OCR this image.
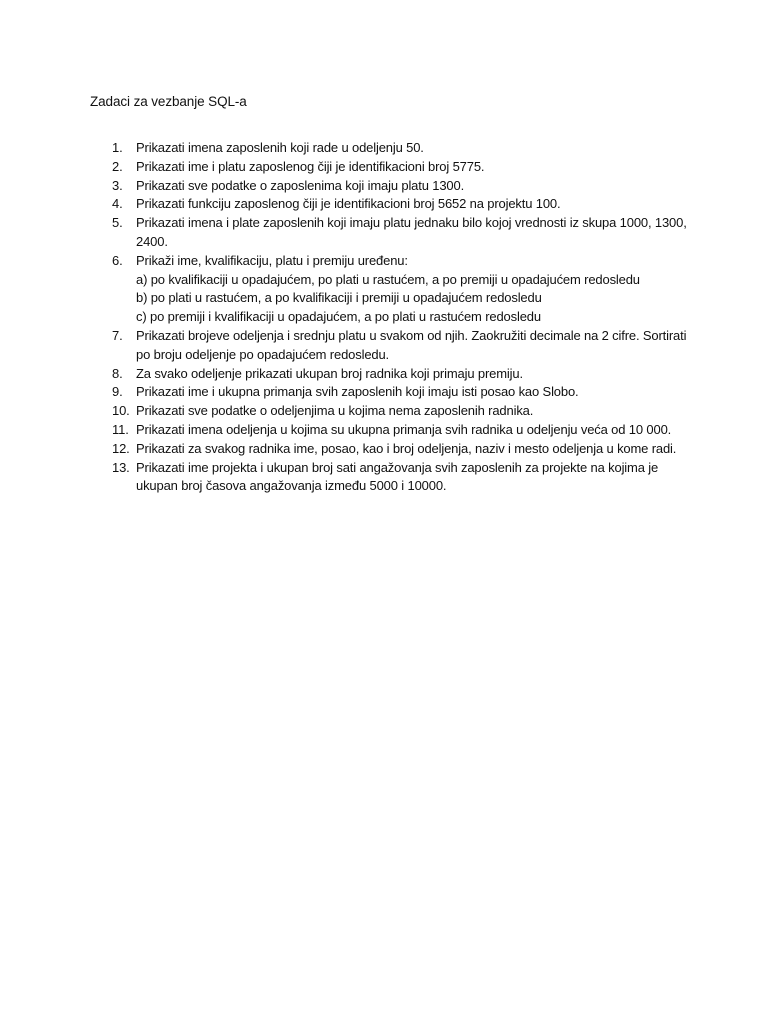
Zadaci za vezbanje SQL-a
1.	Prikazati imena zaposlenih koji rade u odeljenju 50.
2.	Prikazati ime i platu zaposlenog čiji je identifikacioni broj 5775.
3.	Prikazati sve podatke o zaposlenima koji imaju platu 1300.
4.	Prikazati funkciju zaposlenog čiji je identifikacioni broj 5652 na projektu 100.
5.	Prikazati imena i plate zaposlenih koji imaju platu jednaku bilo kojoj vrednosti iz skupa 1000, 1300, 2400.
6.	Prikaži ime, kvalifikaciju, platu i premiju uređenu:
a) po kvalifikaciji u opadajućem, po plati u rastućem, a po premiji u opadajućem redosledu
b) po plati u rastućem, a po kvalifikaciji i premiji u opadajućem redosledu
c) po premiji i kvalifikaciji u opadajućem, a po plati u rastućem redosledu
7.	Prikazati brojeve odeljenja i srednju platu u svakom od njih. Zaokružiti decimale na 2 cifre. Sortirati po broju odeljenje po opadajućem redosledu.
8.	Za svako odeljenje prikazati ukupan broj radnika koji primaju premiju.
9.	Prikazati ime i ukupna primanja svih zaposlenih koji imaju isti posao kao Slobo.
10. Prikazati sve podatke o odeljenjima u kojima nema zaposlenih radnika.
11. Prikazati imena odeljenja u kojima su ukupna primanja svih radnika u odeljenju veća od 10 000.
12. Prikazati za svakog radnika ime, posao, kao i broj odeljenja, naziv i mesto odeljenja u kome radi.
13. Prikazati ime projekta i ukupan broj sati angažovanja svih zaposlenih za projekte na kojima je ukupan broj časova angažovanja između 5000 i 10000.
